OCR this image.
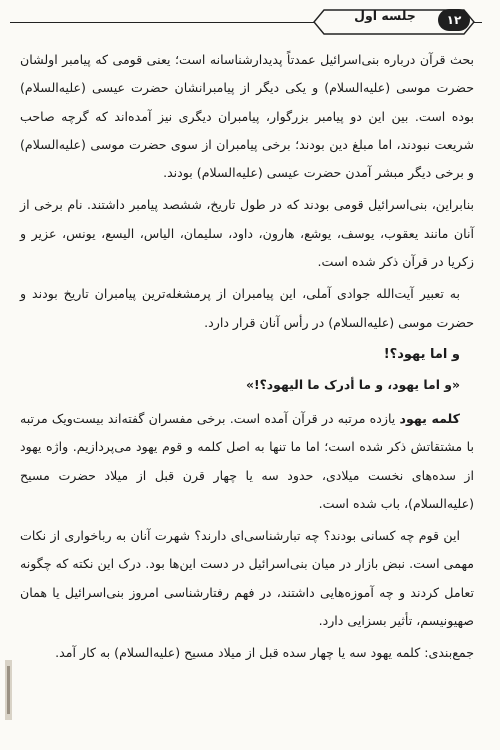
جلسه اول	۱۲

بحث قرآن درباره بنی‌اسرائیل عمدتاً پدیدارشناسانه است؛ یعنی قومی که پیامبر اولشان حضرت موسی (علیه‌السلام) و یکی دیگر از پیامبرانشان حضرت عیسی (علیه‌السلام) بوده است. بین این دو پیامبر بزرگوار، پیامبران دیگری نیز آمده‌اند که گرچه صاحب شریعت نبودند، اما مبلغ دین بودند؛ برخی پیامبران از سوی حضرت موسی (علیه‌السلام) و برخی دیگر مبشر آمدن حضرت عیسی (علیه‌السلام) بودند.

بنابراین، بنی‌اسرائیل قومی بودند که در طول تاریخ، ششصد پیامبر داشتند. نام برخی از آنان مانند یعقوب، یوسف، یوشع، هارون، داود، سلیمان، الیاس، الیسع، یونس، عزیر و زکریا در قرآن ذکر شده است.

به تعبیر آیت‌الله جوادی آملی، این پیامبران از پرمشغله‌ترین پیامبران تاریخ بودند و حضرت موسی (علیه‌السلام) در رأس آنان قرار دارد.

و اما یهود؟!

«و اما یهود، و ما أدرک ما الیهود؟!»

کلمه یهود یازده مرتبه در قرآن آمده است. برخی مفسران گفته‌اند بیست‌ویک مرتبه با مشتقاتش ذکر شده است؛ اما ما تنها به اصل کلمه و قوم یهود می‌پردازیم. واژه یهود از سده‌های نخست میلادی، حدود سه یا چهار قرن قبل از میلاد حضرت مسیح (علیه‌السلام)، باب شده است.

این قوم چه کسانی بودند؟ چه تبارشناسی‌ای دارند؟ شهرت آنان به رباخواری از نکات مهمی است. نبض بازار در میان بنی‌اسرائیل در دست این‌ها بود. درک این نکته که چگونه تعامل کردند و چه آموزه‌هایی داشتند، در فهم رفتارشناسی امروز بنی‌اسرائیل یا همان صهیونیسم، تأثیر بسزایی دارد.

جمع‌بندی: کلمه یهود سه یا چهار سده قبل از میلاد مسیح (علیه‌السلام) به کار آمد.
